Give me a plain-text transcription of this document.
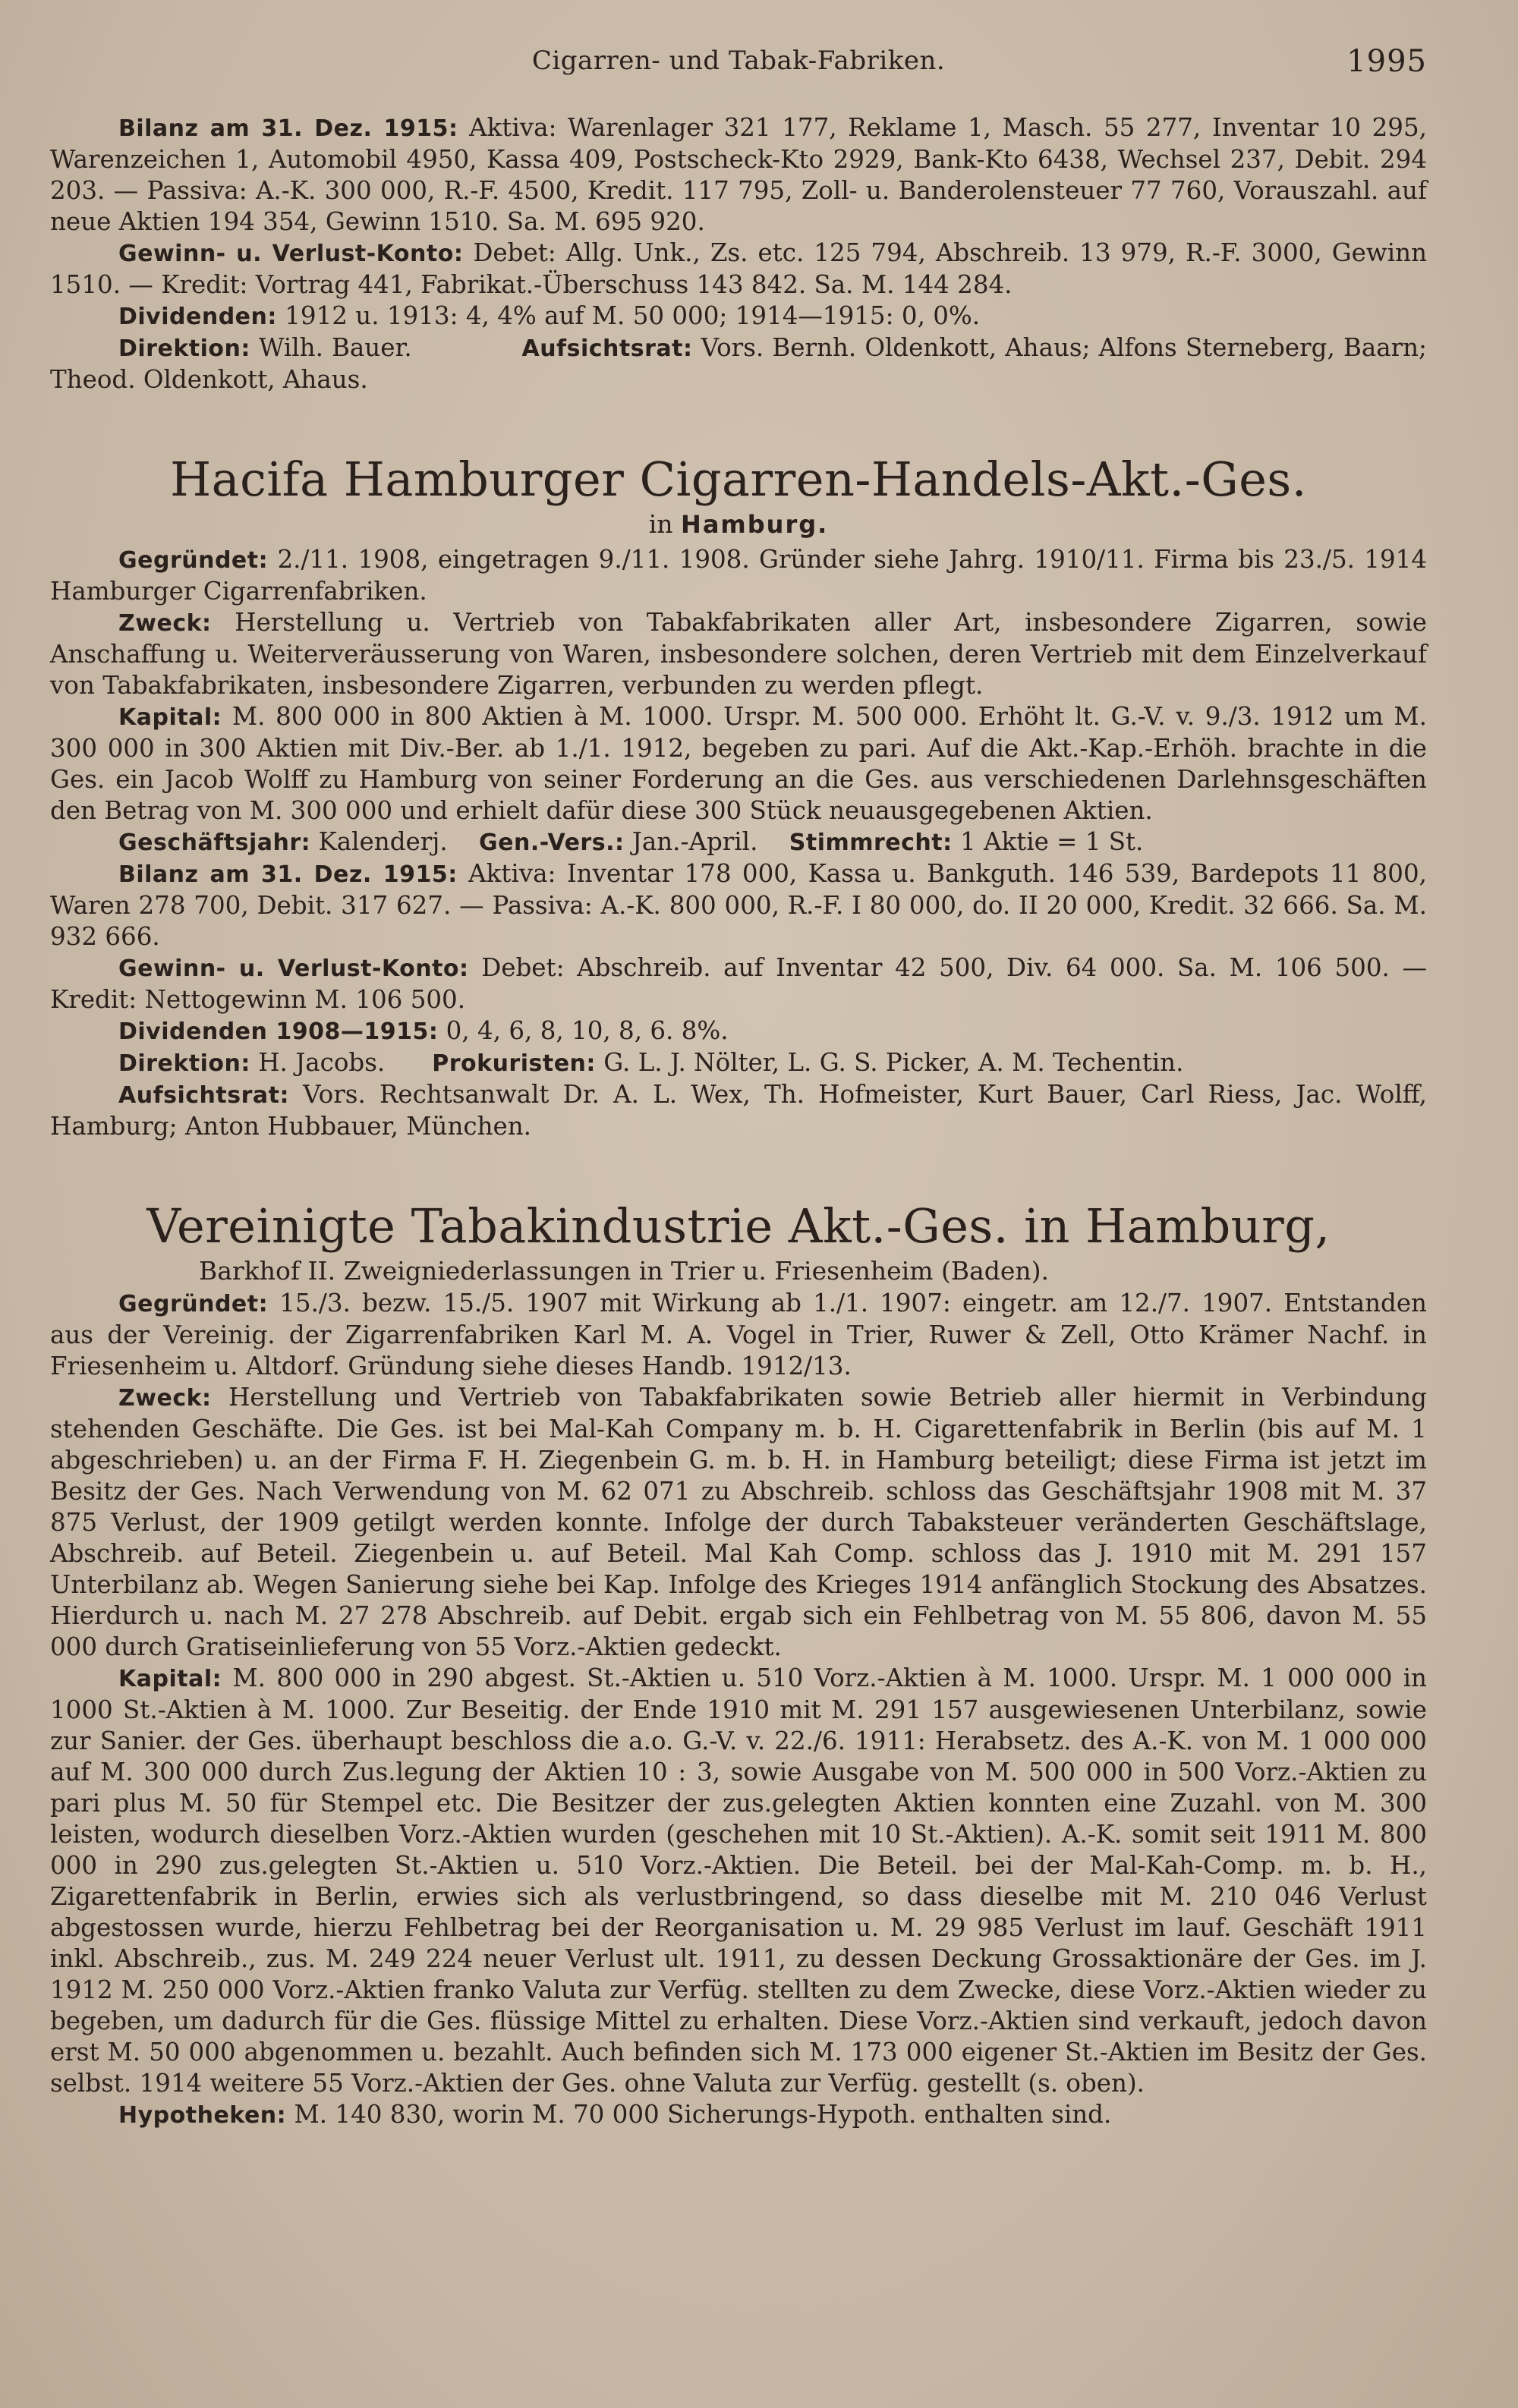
Cigarren- und Tabak-Fabriken.	1995

Bilanz am 31. Dez. 1915: Aktiva: Warenlager 321 177, Reklame 1, Masch. 55 277, Inventar 10 295, Warenzeichen 1, Automobil 4950, Kassa 409, Postscheck-Kto 2929, Bank-Kto 6438, Wechsel 237, Debit. 294 203. — Passiva: A.-K. 300 000, R.-F. 4500, Kredit. 117 795, Zoll- u. Banderolensteuer 77 760, Vorauszahl. auf neue Aktien 194 354, Gewinn 1510. Sa. M. 695 920.

Gewinn- u. Verlust-Konto: Debet: Allg. Unk., Zs. etc. 125 794, Abschreib. 13 979, R.-F. 3000, Gewinn 1510. — Kredit: Vortrag 441, Fabrikat.-Überschuss 143 842. Sa. M. 144 284.

Dividenden: 1912 u. 1913: 4, 4% auf M. 50 000; 1914—1915: 0, 0%.

Direktion: Wilh. Bauer.	Aufsichtsrat: Vors. Bernh. Oldenkott, Ahaus; Alfons Sterneberg, Baarn; Theod. Oldenkott, Ahaus.

Hacifa Hamburger Cigarren-Handels-Akt.-Ges.
in Hamburg.

Gegründet: 2./11. 1908, eingetragen 9./11. 1908. Gründer siehe Jahrg. 1910/11. Firma bis 23./5. 1914 Hamburger Cigarrenfabriken.

Zweck: Herstellung u. Vertrieb von Tabakfabrikaten aller Art, insbesondere Zigarren, sowie Anschaffung u. Weiterveräusserung von Waren, insbesondere solchen, deren Vertrieb mit dem Einzelverkauf von Tabakfabrikaten, insbesondere Zigarren, verbunden zu werden pflegt.

Kapital: M. 800 000 in 800 Aktien à M. 1000. Urspr. M. 500 000. Erhöht lt. G.-V. v. 9./3. 1912 um M. 300 000 in 300 Aktien mit Div.-Ber. ab 1./1. 1912, begeben zu pari. Auf die Akt.-Kap.-Erhöh. brachte in die Ges. ein Jacob Wolff zu Hamburg von seiner Forderung an die Ges. aus verschiedenen Darlehnsgeschäften den Betrag von M. 300 000 und erhielt dafür diese 300 Stück neuausgegebenen Aktien.

Geschäftsjahr: Kalenderj. Gen.-Vers.: Jan.-April. Stimmrecht: 1 Aktie = 1 St.

Bilanz am 31. Dez. 1915: Aktiva: Inventar 178 000, Kassa u. Bankguth. 146 539, Bardepots 11 800, Waren 278 700, Debit. 317 627. — Passiva: A.-K. 800 000, R.-F. I 80 000, do. II 20 000, Kredit. 32 666. Sa. M. 932 666.

Gewinn- u. Verlust-Konto: Debet: Abschreib. auf Inventar 42 500, Div. 64 000. Sa. M. 106 500. — Kredit: Nettogewinn M. 106 500.

Dividenden 1908—1915: 0, 4, 6, 8, 10, 8, 6. 8%.

Direktion: H. Jacobs. Prokuristen: G. L. J. Nölter, L. G. S. Picker, A. M. Techentin.

Aufsichtsrat: Vors. Rechtsanwalt Dr. A. L. Wex, Th. Hofmeister, Kurt Bauer, Carl Riess, Jac. Wolff, Hamburg; Anton Hubbauer, München.

Vereinigte Tabakindustrie Akt.-Ges. in Hamburg,
Barkhof II. Zweigniederlassungen in Trier u. Friesenheim (Baden).

Gegründet: 15./3. bezw. 15./5. 1907 mit Wirkung ab 1./1. 1907: eingetr. am 12./7. 1907. Entstanden aus der Vereinig. der Zigarrenfabriken Karl M. A. Vogel in Trier, Ruwer & Zell, Otto Krämer Nachf. in Friesenheim u. Altdorf. Gründung siehe dieses Handb. 1912/13.

Zweck: Herstellung und Vertrieb von Tabakfabrikaten sowie Betrieb aller hiermit in Verbindung stehenden Geschäfte. Die Ges. ist bei Mal-Kah Company m. b. H. Cigarettenfabrik in Berlin (bis auf M. 1 abgeschrieben) u. an der Firma F. H. Ziegenbein G. m. b. H. in Hamburg beteiligt; diese Firma ist jetzt im Besitz der Ges. Nach Verwendung von M. 62 071 zu Abschreib. schloss das Geschäftsjahr 1908 mit M. 37 875 Verlust, der 1909 getilgt werden konnte. Infolge der durch Tabaksteuer veränderten Geschäftslage, Abschreib. auf Beteil. Ziegenbein u. auf Beteil. Mal Kah Comp. schloss das J. 1910 mit M. 291 157 Unterbilanz ab. Wegen Sanierung siehe bei Kap. Infolge des Krieges 1914 anfänglich Stockung des Absatzes. Hierdurch u. nach M. 27 278 Abschreib. auf Debit. ergab sich ein Fehlbetrag von M. 55 806, davon M. 55 000 durch Gratiseinlieferung von 55 Vorz.-Aktien gedeckt.

Kapital: M. 800 000 in 290 abgest. St.-Aktien u. 510 Vorz.-Aktien à M. 1000. Urspr. M. 1 000 000 in 1000 St.-Aktien à M. 1000. Zur Beseitig. der Ende 1910 mit M. 291 157 ausgewiesenen Unterbilanz, sowie zur Sanier. der Ges. überhaupt beschloss die a.o. G.-V. v. 22./6. 1911: Herabsetz. des A.-K. von M. 1 000 000 auf M. 300 000 durch Zus.legung der Aktien 10 : 3, sowie Ausgabe von M. 500 000 in 500 Vorz.-Aktien zu pari plus M. 50 für Stempel etc. Die Besitzer der zus.gelegten Aktien konnten eine Zuzahl. von M. 300 leisten, wodurch dieselben Vorz.-Aktien wurden (geschehen mit 10 St.-Aktien). A.-K. somit seit 1911 M. 800 000 in 290 zus.gelegten St.-Aktien u. 510 Vorz.-Aktien. Die Beteil. bei der Mal-Kah-Comp. m. b. H., Zigarettenfabrik in Berlin, erwies sich als verlustbringend, so dass dieselbe mit M. 210 046 Verlust abgestossen wurde, hierzu Fehlbetrag bei der Reorganisation u. M. 29 985 Verlust im lauf. Geschäft 1911 inkl. Abschreib., zus. M. 249 224 neuer Verlust ult. 1911, zu dessen Deckung Grossaktionäre der Ges. im J. 1912 M. 250 000 Vorz.-Aktien franko Valuta zur Verfüg. stellten zu dem Zwecke, diese Vorz.-Aktien wieder zu begeben, um dadurch für die Ges. flüssige Mittel zu erhalten. Diese Vorz.-Aktien sind verkauft, jedoch davon erst M. 50 000 abgenommen u. bezahlt. Auch befinden sich M. 173 000 eigener St.-Aktien im Besitz der Ges. selbst. 1914 weitere 55 Vorz.-Aktien der Ges. ohne Valuta zur Verfüg. gestellt (s. oben).

Hypotheken: M. 140 830, worin M. 70 000 Sicherungs-Hypoth. enthalten sind.
